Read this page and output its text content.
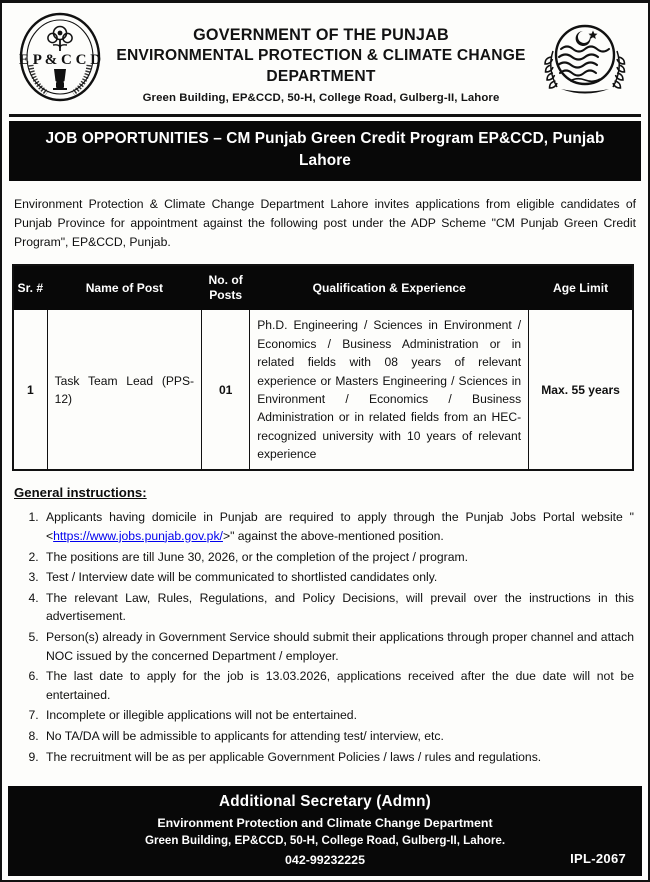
E P & C C D
GOVERNMENT OF THE PUNJAB
ENVIRONMENTAL PROTECTION & CLIMATE CHANGE
DEPARTMENT
Green Building, EP&CCD, 50-H, College Road, Gulberg-II, Lahore
JOB OPPORTUNITIES – CM Punjab Green Credit Program EP&CCD, Punjab Lahore
Environment Protection & Climate Change Department Lahore invites applications from eligible candidates of Punjab Province for appointment against the following post under the ADP Scheme "CM Punjab Green Credit Program", EP&CCD, Punjab.
Sr. #	Name of Post	No. of Posts	Qualification & Experience	Age Limit
1	Task Team Lead (PPS-12)	01	Ph.D. Engineering / Sciences in Environment / Economics / Business Administration or in related fields with 08 years of relevant experience or Masters Engineering / Sciences in Environment / Economics / Business Administration or in related fields from an HEC-recognized university with 10 years of relevant experience	Max. 55 years
General instructions:
1. Applicants having domicile in Punjab are required to apply through the Punjab Jobs Portal website "<https://www.jobs.punjab.gov.pk/>" against the above-mentioned position.
2. The positions are till June 30, 2026, or the completion of the project / program.
3. Test / Interview date will be communicated to shortlisted candidates only.
4. The relevant Law, Rules, Regulations, and Policy Decisions, will prevail over the instructions in this advertisement.
5. Person(s) already in Government Service should submit their applications through proper channel and attach NOC issued by the concerned Department / employer.
6. The last date to apply for the job is 13.03.2026, applications received after the due date will not be entertained.
7. Incomplete or illegible applications will not be entertained.
8. No TA/DA will be admissible to applicants for attending test/ interview, etc.
9. The recruitment will be as per applicable Government Policies / laws / rules and regulations.
Additional Secretary (Admn)
Environment Protection and Climate Change Department
Green Building, EP&CCD, 50-H, College Road, Gulberg-II, Lahore.
042-99232225	IPL-2067
